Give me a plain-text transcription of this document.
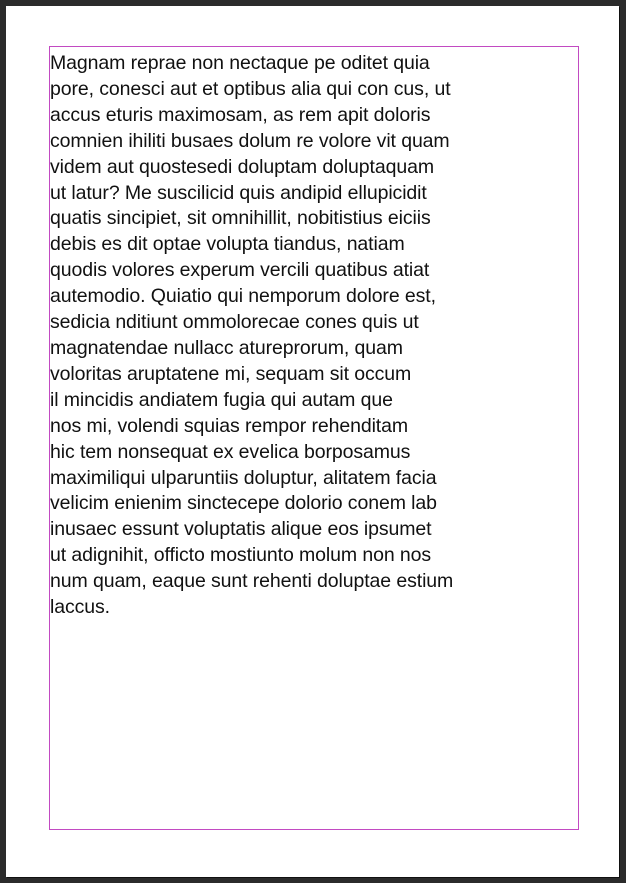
Magnam reprae non nectaque pe oditet quia
pore, conesci aut et optibus alia qui con cus, ut
accus eturis maximosam, as rem apit doloris
comnien ihiliti busaes dolum re volore vit quam
videm aut quostesedi doluptam doluptaquam
ut latur? Me suscilicid quis andipid ellupicidit
quatis sincipiet, sit omnihillit, nobitistius eiciis
debis es dit optae volupta tiandus, natiam
quodis volores experum vercili quatibus atiat
autemodio. Quiatio qui nemporum dolore est,
sedicia nditiunt ommolorecae cones quis ut
magnatendae nullacc atureprorum, quam
voloritas aruptatene mi, sequam sit occum
il mincidis andiatem fugia qui autam que
nos mi, volendi squias rempor rehenditam
hic tem nonsequat ex evelica borposamus
maximiliqui ulparuntiis doluptur, alitatem facia
velicim enienim sinctecepe dolorio conem lab
inusaec essunt voluptatis alique eos ipsumet
ut adignihit, officto mostiunto molum non nos
num quam, eaque sunt rehenti doluptae estium
laccus.
